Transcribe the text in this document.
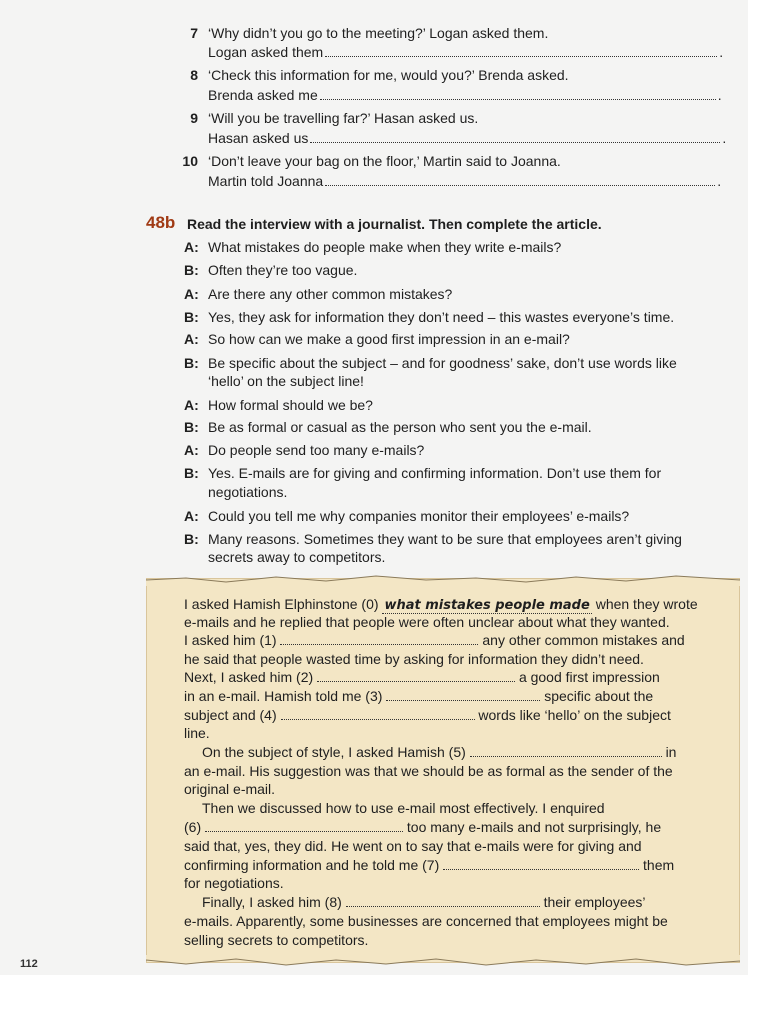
7 ‘Why didn’t you go to the meeting?’ Logan asked them.
Logan asked them	.
8 ‘Check this information for me, would you?’ Brenda asked.
Brenda asked me	.
9 ‘Will you be travelling far?’ Hasan asked us.
Hasan asked us	.
10 ‘Don’t leave your bag on the floor,’ Martin said to Joanna.
Martin told Joanna	.
48b Read the interview with a journalist. Then complete the article.
A: What mistakes do people make when they write e-mails?
B: Often they’re too vague.
A: Are there any other common mistakes?
B: Yes, they ask for information they don’t need – this wastes everyone’s time.
A: So how can we make a good first impression in an e-mail?
B: Be specific about the subject – and for goodness’ sake, don’t use words like
‘hello’ on the subject line!
A: How formal should we be?
B: Be as formal or casual as the person who sent you the e-mail.
A: Do people send too many e-mails?
B: Yes. E-mails are for giving and confirming information. Don’t use them for
negotiations.
A: Could you tell me why companies monitor their employees’ e-mails?
B: Many reasons. Sometimes they want to be sure that employees aren’t giving
secrets away to competitors.
I asked Hamish Elphinstone (0) what mistakes people made when they wrote
e-mails and he replied that people were often unclear about what they wanted.
I asked him (1)	any other common mistakes and
he said that people wasted time by asking for information they didn’t need.
Next, I asked him (2)	a good first impression
in an e-mail. Hamish told me (3)	specific about the
subject and (4)	words like ‘hello’ on the subject
line.
On the subject of style, I asked Hamish (5)	in
an e-mail. His suggestion was that we should be as formal as the sender of the
original e-mail.
Then we discussed how to use e-mail most effectively. I enquired
(6)	too many e-mails and not surprisingly, he
said that, yes, they did. He went on to say that e-mails were for giving and
confirming information and he told me (7)	them
for negotiations.
Finally, I asked him (8)	their employees’
e-mails. Apparently, some businesses are concerned that employees might be
selling secrets to competitors.
112
